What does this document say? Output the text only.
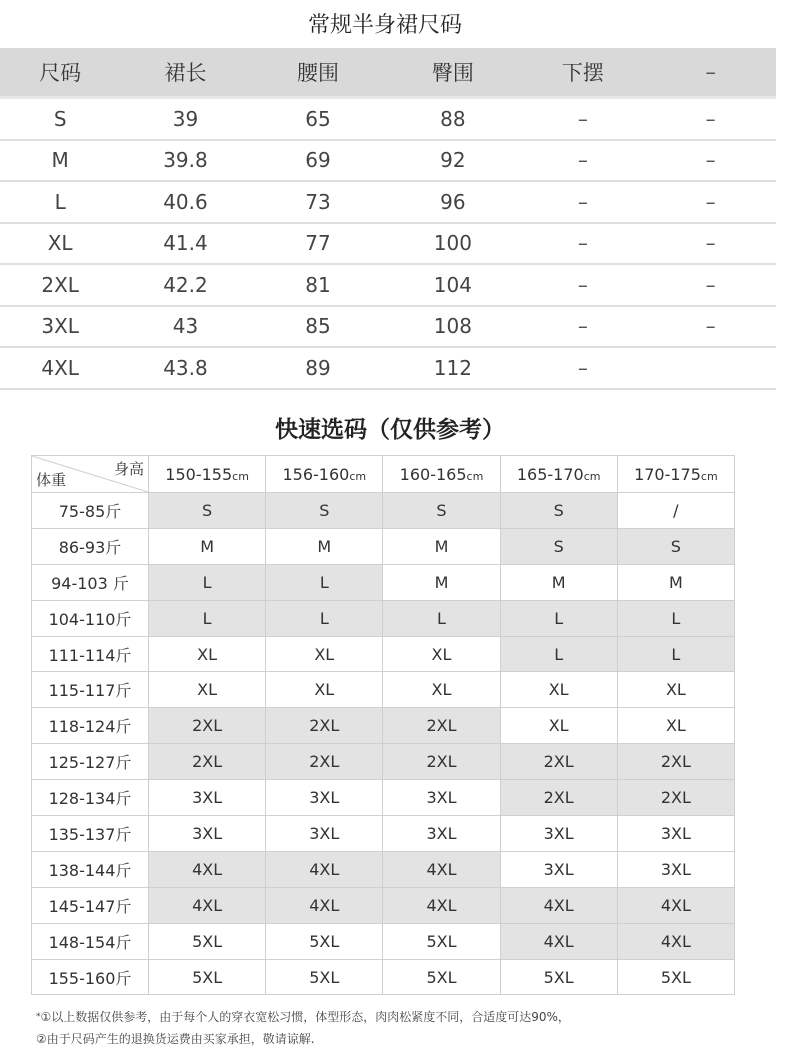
常规半身裙尺码
尺码	裙长	腰围	臀围	下摆	–
S	39	65	88	–	–
M	39.8	69	92	–	–
L	40.6	73	96	–	–
XL	41.4	77	100	–	–
2XL	42.2	81	104	–	–
3XL	43	85	108	–	–
4XL	43.8	89	112	–	
快速选码（仅供参考）
身高
体重	150-155cm	156-160cm	160-165cm	165-170cm	170-175cm
75-85斤	S	S	S	S	/
86-93斤	M	M	M	S	S
94-103 斤	L	L	M	M	M
104-110斤	L	L	L	L	L
111-114斤	XL	XL	XL	L	L
115-117斤	XL	XL	XL	XL	XL
118-124斤	2XL	2XL	2XL	XL	XL
125-127斤	2XL	2XL	2XL	2XL	2XL
128-134斤	3XL	3XL	3XL	2XL	2XL
135-137斤	3XL	3XL	3XL	3XL	3XL
138-144斤	4XL	4XL	4XL	3XL	3XL
145-147斤	4XL	4XL	4XL	4XL	4XL
148-154斤	5XL	5XL	5XL	4XL	4XL
155-160斤	5XL	5XL	5XL	5XL	5XL
*①以上数据仅供参考，由于每个人的穿衣宽松习惯，体型形态，肉肉松紧度不同，合适度可达90%，
②由于尺码产生的退换货运费由买家承担，敬请谅解.
